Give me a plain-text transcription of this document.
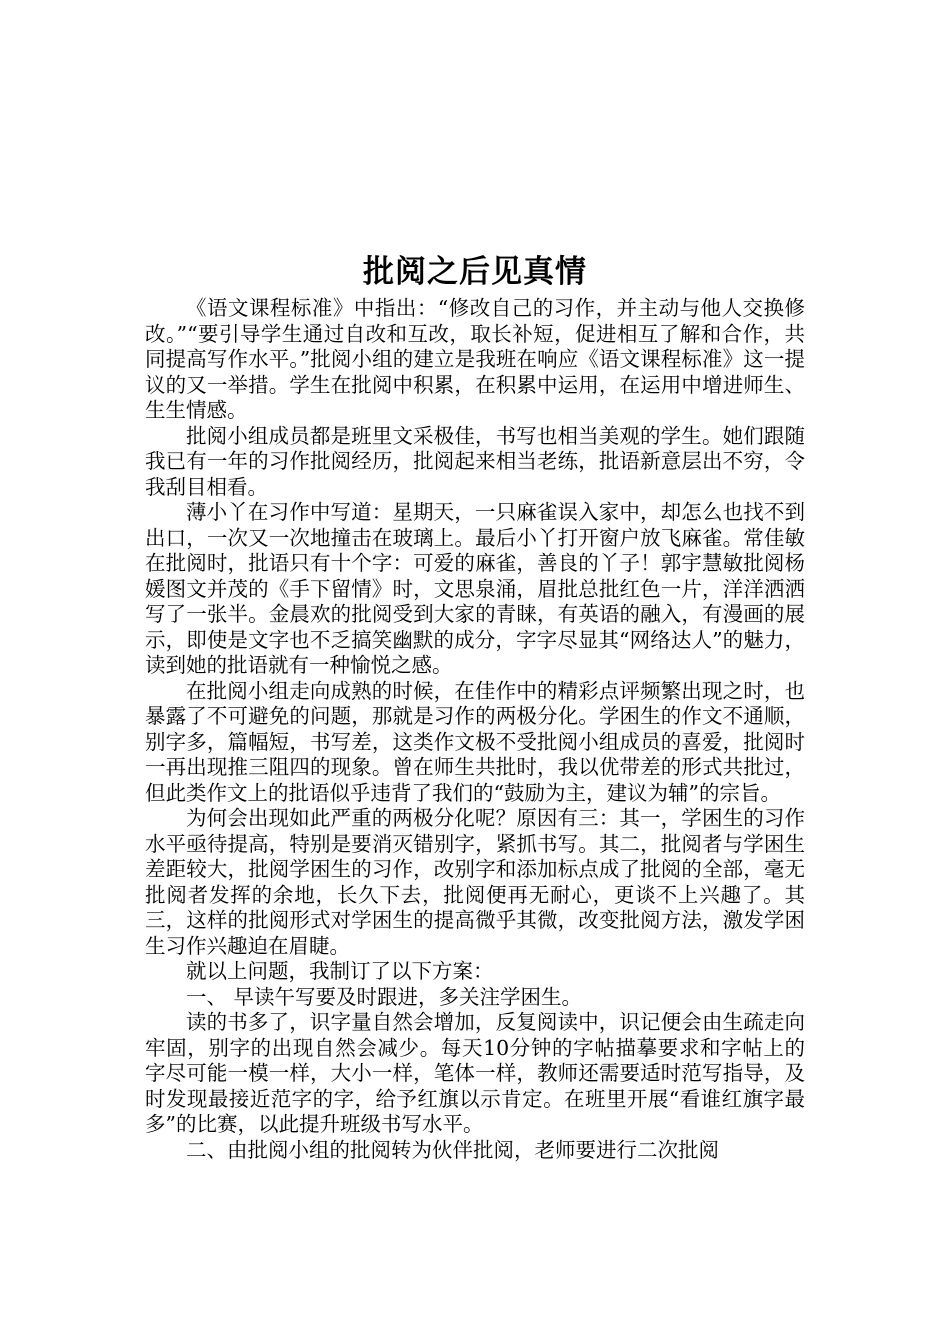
批阅之后见真情

《语文课程标准》中指出：“修改自己的习作，并主动与他人交换修改。”“要引导学生通过自改和互改，取长补短，促进相互了解和合作，共同提高写作水平。”批阅小组的建立是我班在响应《语文课程标准》这一提议的又一举措。学生在批阅中积累，在积累中运用，在运用中增进师生、生生情感。

批阅小组成员都是班里文采极佳，书写也相当美观的学生。她们跟随我已有一年的习作批阅经历，批阅起来相当老练，批语新意层出不穷，令我刮目相看。

薄小丫在习作中写道：星期天，一只麻雀误入家中，却怎么也找不到出口，一次又一次地撞击在玻璃上。最后小丫打开窗户放飞麻雀。常佳敏在批阅时，批语只有十个字：可爱的麻雀，善良的丫子！郭宇慧敏批阅杨媛图文并茂的《手下留情》时，文思泉涌，眉批总批红色一片，洋洋洒洒写了一张半。金晨欢的批阅受到大家的青睐，有英语的融入，有漫画的展示，即使是文字也不乏搞笑幽默的成分，字字尽显其“网络达人”的魅力，读到她的批语就有一种愉悦之感。

在批阅小组走向成熟的时候，在佳作中的精彩点评频繁出现之时，也暴露了不可避免的问题，那就是习作的两极分化。学困生的作文不通顺，别字多，篇幅短，书写差，这类作文极不受批阅小组成员的喜爱，批阅时一再出现推三阻四的现象。曾在师生共批时，我以优带差的形式共批过，但此类作文上的批语似乎违背了我们的“鼓励为主，建议为辅”的宗旨。

为何会出现如此严重的两极分化呢？原因有三：其一，学困生的习作水平亟待提高，特别是要消灭错别字，紧抓书写。其二，批阅者与学困生差距较大，批阅学困生的习作，改别字和添加标点成了批阅的全部，毫无批阅者发挥的余地，长久下去，批阅便再无耐心，更谈不上兴趣了。其三，这样的批阅形式对学困生的提高微乎其微，改变批阅方法，激发学困生习作兴趣迫在眉睫。

就以上问题，我制订了以下方案：

一、 早读午写要及时跟进，多关注学困生。

读的书多了，识字量自然会增加，反复阅读中，识记便会由生疏走向牢固，别字的出现自然会减少。每天10分钟的字帖描摹要求和字帖上的字尽可能一模一样，大小一样，笔体一样，教师还需要适时范写指导，及时发现最接近范字的字，给予红旗以示肯定。在班里开展“看谁红旗字最多”的比赛，以此提升班级书写水平。

二、由批阅小组的批阅转为伙伴批阅，老师要进行二次批阅
